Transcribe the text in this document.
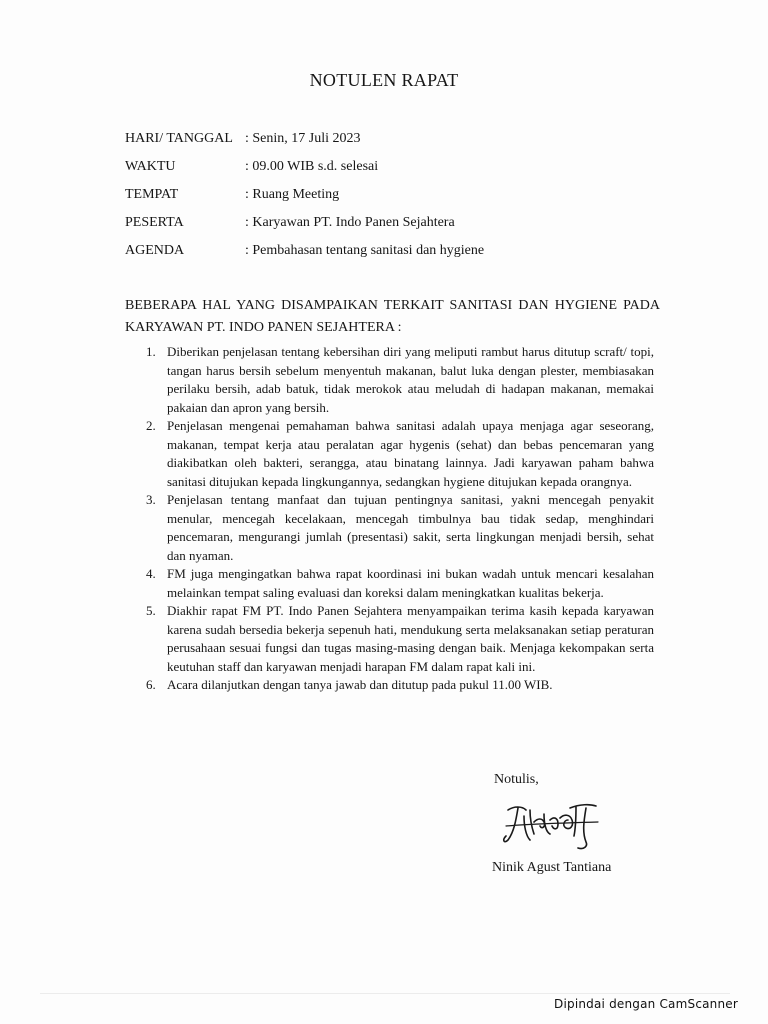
NOTULEN RAPAT
HARI/ TANGGAL : Senin, 17 Juli 2023
WAKTU	: 09.00 WIB s.d. selesai
TEMPAT	: Ruang Meeting
PESERTA	: Karyawan PT. Indo Panen Sejahtera
AGENDA	: Pembahasan tentang sanitasi dan hygiene
BEBERAPA HAL YANG DISAMPAIKAN TERKAIT SANITASI DAN HYGIENE PADA KARYAWAN PT. INDO PANEN SEJAHTERA :
1. Diberikan penjelasan tentang kebersihan diri yang meliputi rambut harus ditutup scraft/ topi, tangan harus bersih sebelum menyentuh makanan, balut luka dengan plester, membiasakan perilaku bersih, adab batuk, tidak merokok atau meludah di hadapan makanan, memakai pakaian dan apron yang bersih.
2. Penjelasan mengenai pemahaman bahwa sanitasi adalah upaya menjaga agar seseorang, makanan, tempat kerja atau peralatan agar hygenis (sehat) dan bebas pencemaran yang diakibatkan oleh bakteri, serangga, atau binatang lainnya. Jadi karyawan paham bahwa sanitasi ditujukan kepada lingkungannya, sedangkan hygiene ditujukan kepada orangnya.
3. Penjelasan tentang manfaat dan tujuan pentingnya sanitasi, yakni mencegah penyakit menular, mencegah kecelakaan, mencegah timbulnya bau tidak sedap, menghindari pencemaran, mengurangi jumlah (presentasi) sakit, serta lingkungan menjadi bersih, sehat dan nyaman.
4. FM juga mengingatkan bahwa rapat koordinasi ini bukan wadah untuk mencari kesalahan melainkan tempat saling evaluasi dan koreksi dalam meningkatkan kualitas bekerja.
5. Diakhir rapat FM PT. Indo Panen Sejahtera menyampaikan terima kasih kepada karyawan karena sudah bersedia bekerja sepenuh hati, mendukung serta melaksanakan setiap peraturan perusahaan sesuai fungsi dan tugas masing-masing dengan baik. Menjaga kekompakan serta keutuhan staff dan karyawan menjadi harapan FM dalam rapat kali ini.
6. Acara dilanjutkan dengan tanya jawab dan ditutup pada pukul 11.00 WIB.
Notulis,
Ninik Agust Tantiana
Dipindai dengan CamScanner
